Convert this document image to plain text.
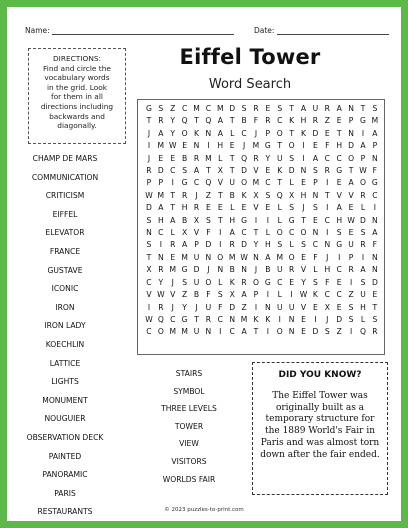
Name:	Date:
DIRECTIONS:
Find and circle the
vocabulary words
in the grid. Look
for them in all
directions including
backwards and
diagonally.
Eiffel Tower
Word Search
G S Z C M C M D S R E S T A U R A N T S
T R Y Q T Q A T B F R C K H R Z E P G M
J	A Y O K N A L C	J	P O T K D E T N	I	A
I M W E N	I	H E	J M G T O	I	E F H D A P
J	E E B R M L T Q R Y U S	I	A C C O P N
R D C S A T X T D V E K D N S R G T W F
P P	I	G C Q V U O M C T L E P	I	E A O G
W M T R	J	Z T B K X S Q X H N T V V R C
D A T H R E E L E V E L S	J	S	I	A E L	I
S H A B X S T H G	I	I	L G T E C H W D N
N C L X V F	I	A C T L O C O N	I	S E S A
S	I	R A P D	I	R D Y H S L S C N G U R F
T N E M U N O M W N A M O E F	J	I	P	I	N
X R M G D	J	N B N	J	B U R V L H C R A N
C Y	J	S U O L K R O G C E Y S F E	I	S D
V W V Z B F S X A P	I	L	I W K C C Z U E
I	R	J	Y	J	U F D Z	I	N U U V E X E S H T
W Q C G T R C N M K K	I	N E	I	J	D S L S
C O M M U N	I	C A T	I	O N E D S Z	I	Q R
CHAMP DE MARS
COMMUNICATION
CRITICISM
EIFFEL
ELEVATOR
FRANCE
GUSTAVE
ICONIC
IRON
IRON LADY
KOECHLIN
LATTICE
LIGHTS
MONUMENT
NOUGUIER
OBSERVATION DECK
PAINTED
PANORAMIC
PARIS
RESTAURANTS
STAIRS
SYMBOL
THREE LEVELS
TOWER
VIEW
VISITORS
WORLDS FAIR
DID YOU KNOW?
The Eiffel Tower was
originally built as a
temporary structure for
the 1889 World's Fair in
Paris and was almost torn
down after the fair ended.
© 2023 puzzles-to-print.com
